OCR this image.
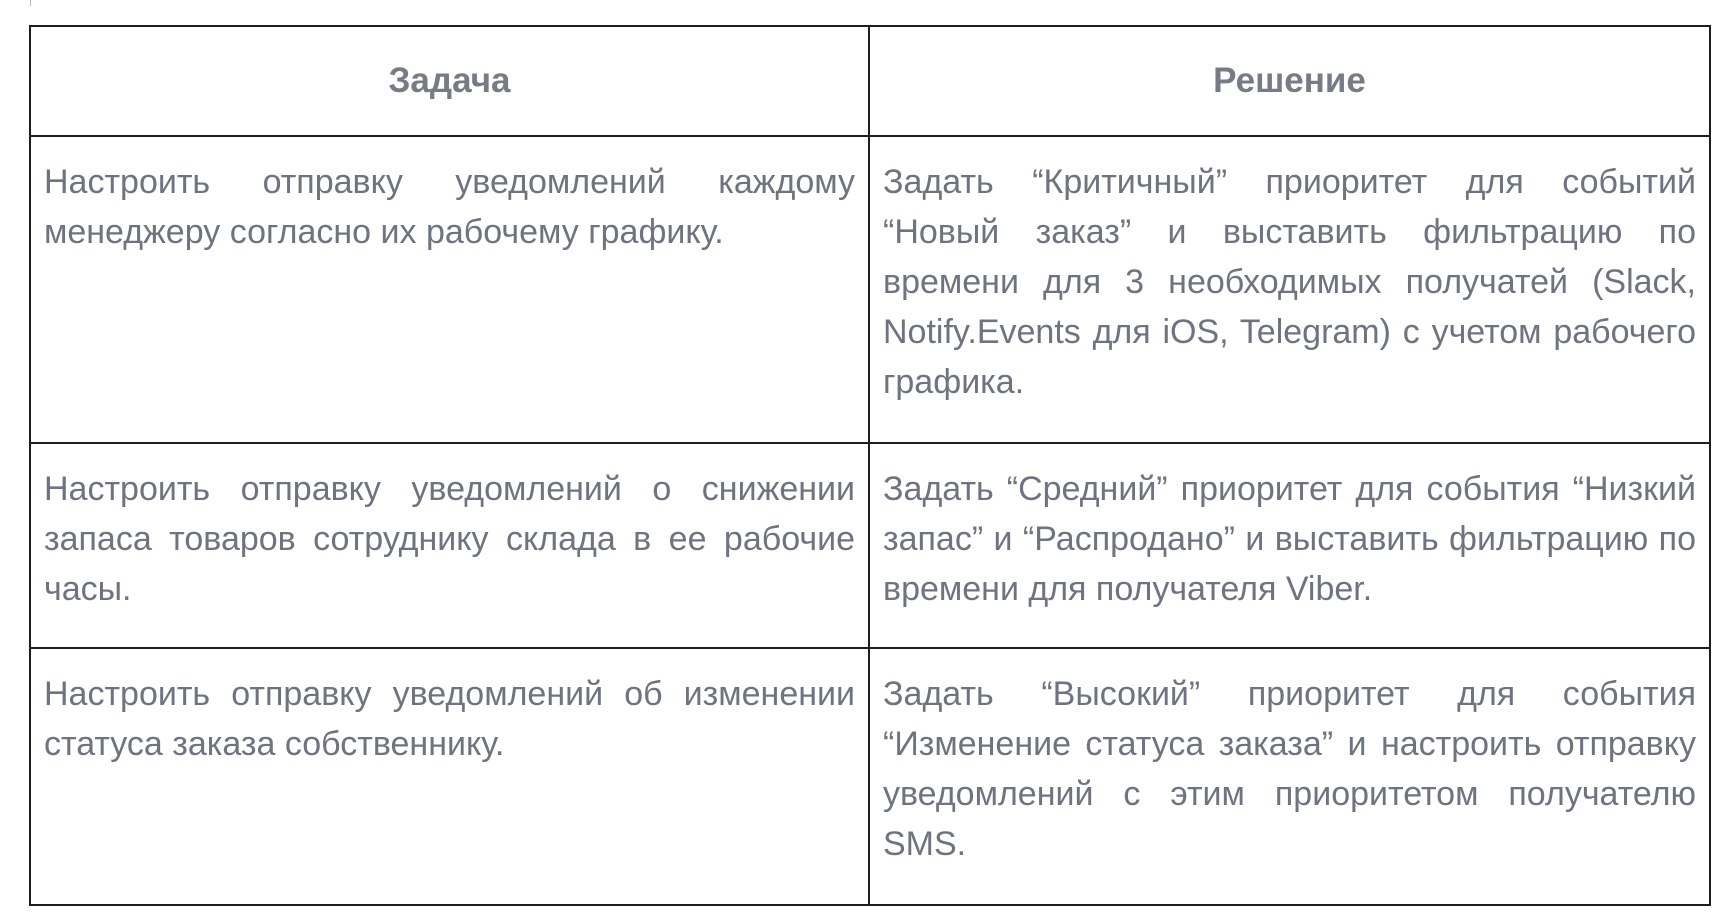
Задача	Решение
Настроить отправку уведомлений каждому менеджеру согласно их рабочему графику.	Задать “Критичный” приоритет для событий “Новый заказ” и выставить фильтрацию по времени для 3 необходимых получатей (Slack, Notify.Events для iOS, Telegram) с учетом рабочего графика.
Настроить отправку уведомлений о снижении запаса товаров сотруднику склада в ее рабочие часы.	Задать “Средний” приоритет для события “Низкий запас” и “Распродано” и выставить фильтрацию по времени для получателя Viber.
Настроить отправку уведомлений об изменении статуса заказа собственнику.	Задать “Высокий” приоритет для события “Изменение статуса заказа” и настроить отправку уведомлений с этим приоритетом получателю SMS.
